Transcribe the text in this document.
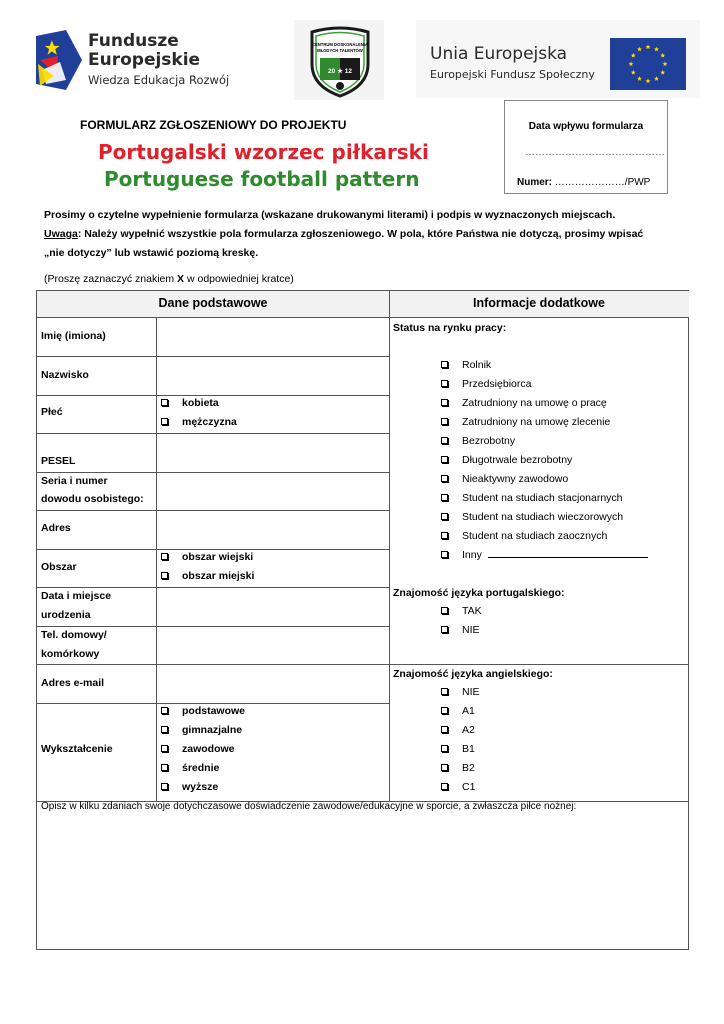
Fundusze
Europejskie
Wiedza Edukacja Rozwój
CENTRUM DOSKONALENIA
MŁODYCH TALENTÓW
20 ★ 12
Unia Europejska
Europejski Fundusz Społeczny
FORMULARZ ZGŁOSZENIOWY DO PROJEKTU
Portugalski wzorzec piłkarski
Portuguese football pattern
Data wpływu formularza
……………………………………
Numer: …………………/PWP
Prosimy o czytelne wypełnienie formularza (wskazane drukowanymi literami) i podpis w wyznaczonych miejscach.
Uwaga: Należy wypełnić wszystkie pola formularza zgłoszeniowego. W pola, które Państwa nie dotyczą, prosimy wpisać
„nie dotyczy” lub wstawić poziomą kreskę.
(Proszę zaznaczyć znakiem X w odpowiedniej kratce)
Dane podstawowe	Informacje dodatkowe
Imię (imiona)
Nazwisko
Płeć
PESEL
Seria i numer
dowodu osobistego:
Adres
Obszar
Data i miejsce
urodzenia
Tel. domowy/
komórkowy
Adres e-mail
Wykształcenie
kobieta
mężczyzna
obszar wiejski
obszar miejski
podstawowe
gimnazjalne
zawodowe
średnie
wyższe
Status na rynku pracy:
Rolnik
Przedsiębiorca
Zatrudniony na umowę o pracę
Zatrudniony na umowę zlecenie
Bezrobotny
Długotrwale bezrobotny
Nieaktywny zawodowo
Student na studiach stacjonarnych
Student na studiach wieczorowych
Student na studiach zaocznych
Inny
Znajomość języka portugalskiego:
TAK
NIE
Znajomość języka angielskiego:
NIE
A1
A2
B1
B2
C1
Opisz w kilku zdaniach swoje dotychczasowe doświadczenie zawodowe/edukacyjne w sporcie, a zwłaszcza piłce nożnej:
